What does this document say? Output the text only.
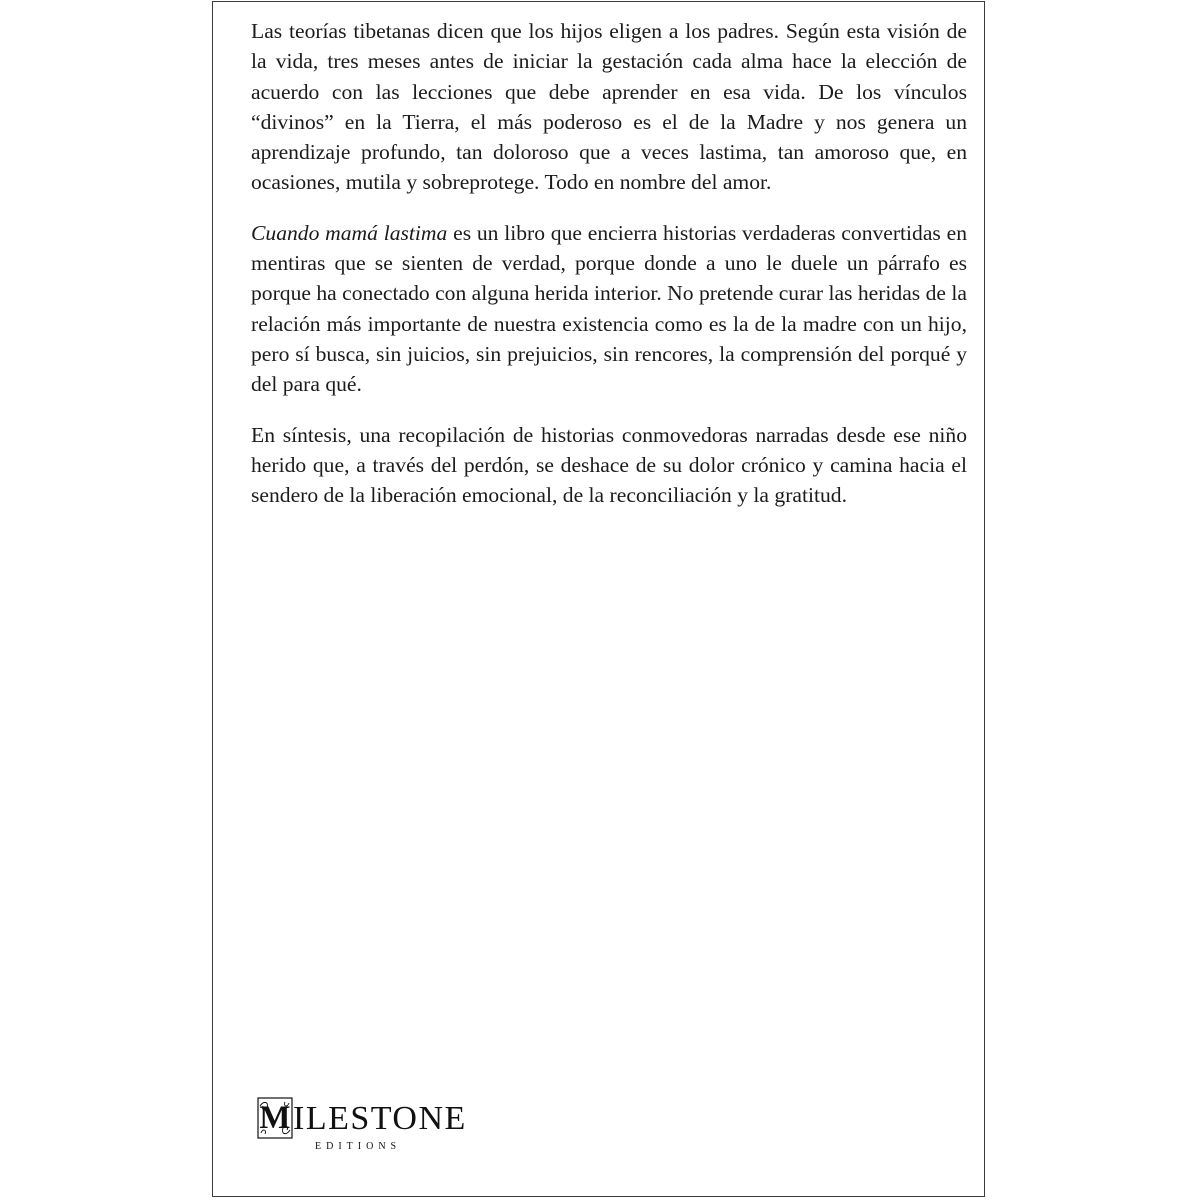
Las teorías tibetanas dicen que los hijos eligen a los padres. Según esta visión de la vida, tres meses antes de iniciar la gestación cada alma hace la elección de acuerdo con las lecciones que debe aprender en esa vida. De los vínculos “divinos” en la Tierra, el más poderoso es el de la Madre y nos genera un aprendizaje profundo, tan doloroso que a veces lastima, tan amoroso que, en ocasiones, mutila y sobreprotege. Todo en nombre del amor.

Cuando mamá lastima es un libro que encierra historias verdaderas convertidas en mentiras que se sienten de verdad, porque donde a uno le duele un párrafo es porque ha conectado con alguna herida interior. No pretende curar las heridas de la relación más importante de nuestra existencia como es la de la madre con un hijo, pero sí busca, sin juicios, sin prejuicios, sin rencores, la comprensión del porqué y del para qué.

En síntesis, una recopilación de historias conmovedoras narradas desde ese niño herido que, a través del perdón, se deshace de su dolor crónico y camina hacia el sendero de la liberación emocional, de la reconciliación y la gratitud.

M ILESTONE
EDITIONS
